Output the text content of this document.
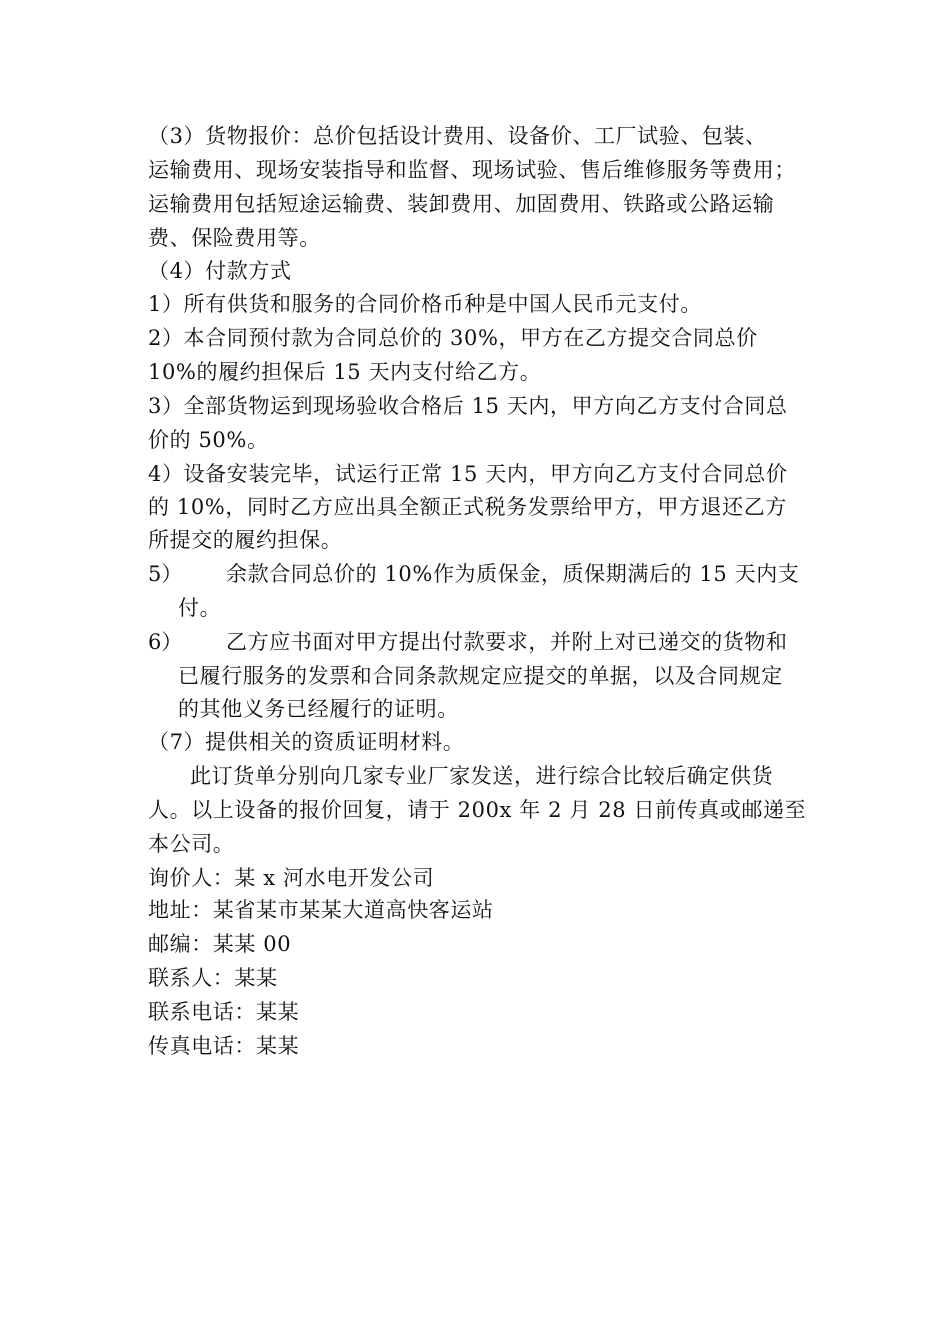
（3）货物报价：总价包括设计费用、设备价、工厂试验、包装、
运输费用、现场安装指导和监督、现场试验、售后维修服务等费用；
运输费用包括短途运输费、装卸费用、加固费用、铁路或公路运输
费、保险费用等。
（4）付款方式
1）所有供货和服务的合同价格币种是中国人民币元支付。
2）本合同预付款为合同总价的 30%，甲方在乙方提交合同总价
10%的履约担保后 15 天内支付给乙方。
3）全部货物运到现场验收合格后 15 天内，甲方向乙方支付合同总
价的 50%。
4）设备安装完毕，试运行正常 15 天内，甲方向乙方支付合同总价
的 10%，同时乙方应出具全额正式税务发票给甲方，甲方退还乙方
所提交的履约担保。
5） 余款合同总价的 10%作为质保金，质保期满后的 15 天内支
付。
6） 乙方应书面对甲方提出付款要求，并附上对已递交的货物和
已履行服务的发票和合同条款规定应提交的单据，以及合同规定
的其他义务已经履行的证明。
（7）提供相关的资质证明材料。
此订货单分别向几家专业厂家发送，进行综合比较后确定供货
人。以上设备的报价回复，请于 200x 年 2 月 28 日前传真或邮递至
本公司。
询价人：某 x 河水电开发公司
地址：某省某市某某大道高快客运站
邮编：某某 00
联系人：某某
联系电话：某某
传真电话：某某
